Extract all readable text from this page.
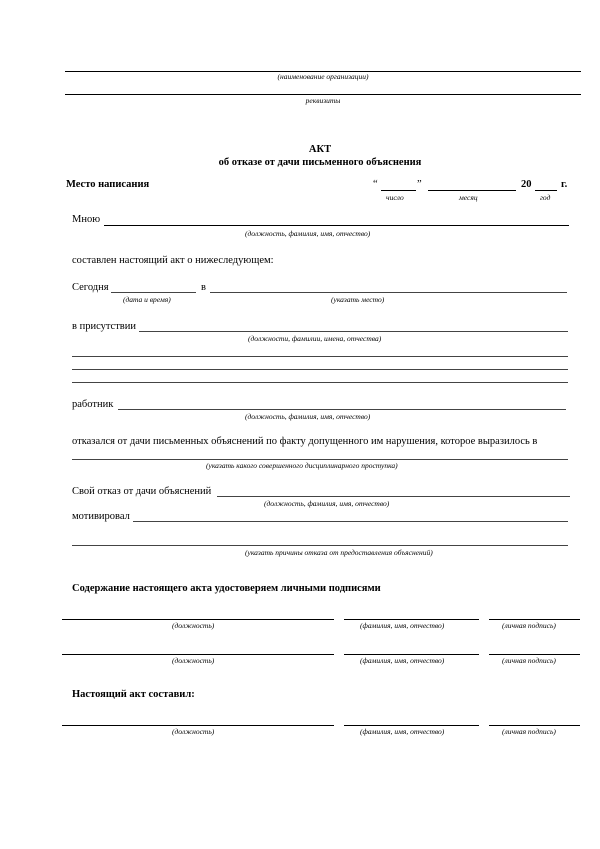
(наименование организации)
реквизиты
АКТ
об отказе от дачи письменного объяснения
Место написания	“	”	20	г.
число	месяц	год
Мною
(должность, фамилия, имя, отчество)
составлен настоящий акт о нижеследующем:
Сегодня	в
(дата и время)	(указать место)
в присутствии
(должности, фамилии, имена, отчества)
работник
(должность, фамилия, имя, отчество)
отказался от дачи письменных объяснений по факту допущенного им нарушения, которое выразилось в
(указать какого совершенного дисциплинарного проступка)
Свой отказ от дачи объяснений
(должность, фамилия, имя, отчество)
мотивировал
(указать причины отказа от предоставления объяснений)
Содержание настоящего акта удостоверяем личными подписями
(должность)	(фамилия, имя, отчество)	(личная подпись)
(должность)	(фамилия, имя, отчество)	(личная подпись)
Настоящий акт составил:
(должность)	(фамилия, имя, отчество)	(личная подпись)
